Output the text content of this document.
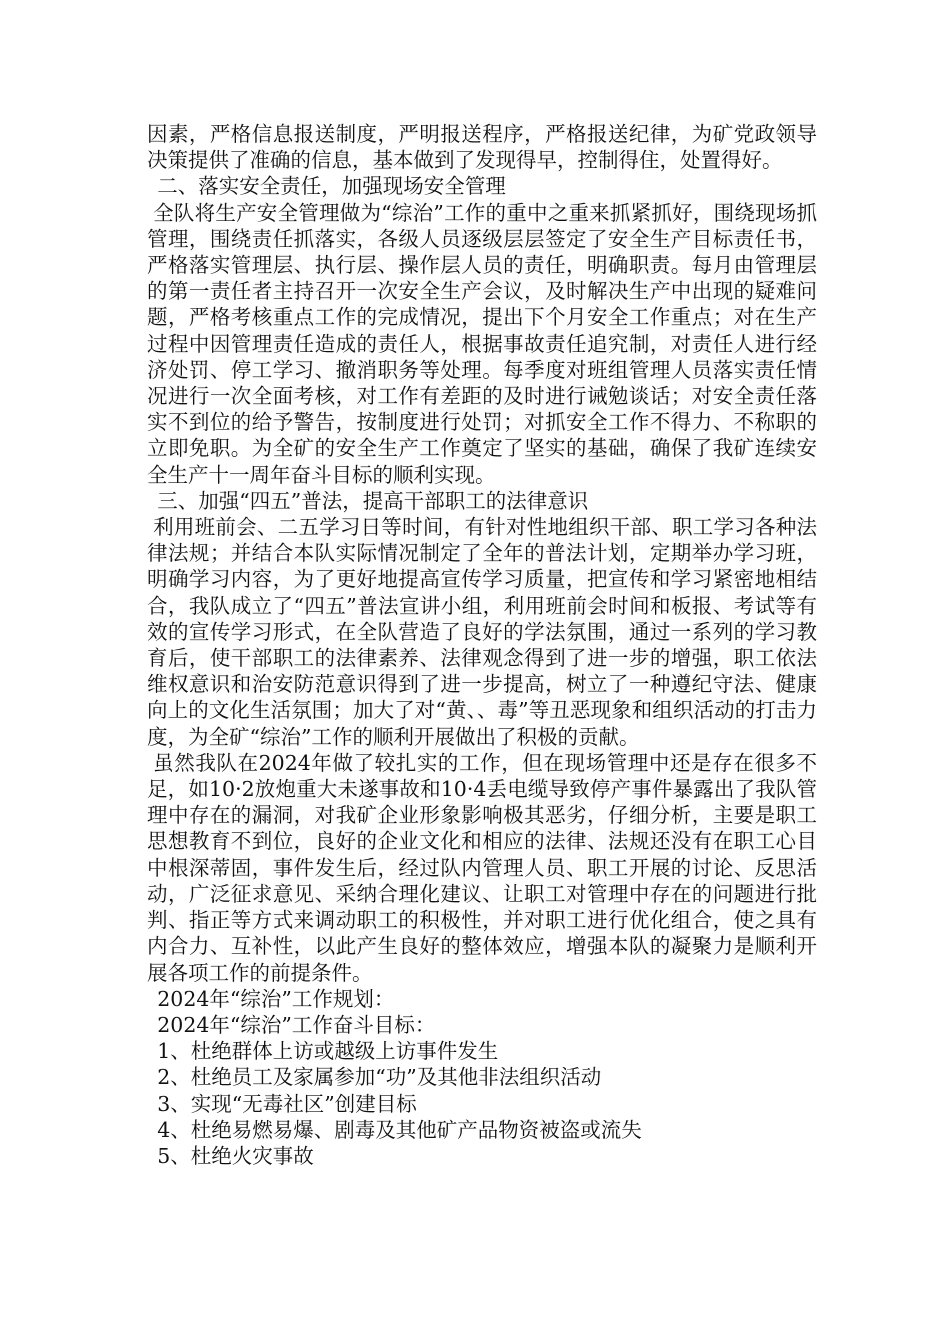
因素，严格信息报送制度，严明报送程序，严格报送纪律，为矿党政领导决策提供了准确的信息，基本做到了发现得早，控制得住，处置得好。

二、落实安全责任，加强现场安全管理

全队将生产安全管理做为“综治”工作的重中之重来抓紧抓好，围绕现场抓管理，围绕责任抓落实，各级人员逐级层层签定了安全生产目标责任书，严格落实管理层、执行层、操作层人员的责任，明确职责。每月由管理层的第一责任者主持召开一次安全生产会议，及时解决生产中出现的疑难问题，严格考核重点工作的完成情况，提出下个月安全工作重点；对在生产过程中因管理责任造成的责任人，根据事故责任追究制，对责任人进行经济处罚、停工学习、撤消职务等处理。每季度对班组管理人员落实责任情况进行一次全面考核，对工作有差距的及时进行诫勉谈话；对安全责任落实不到位的给予警告，按制度进行处罚；对抓安全工作不得力、不称职的立即免职。为全矿的安全生产工作奠定了坚实的基础，确保了我矿连续安全生产十一周年奋斗目标的顺利实现。

三、加强“四五”普法，提高干部职工的法律意识

利用班前会、二五学习日等时间，有针对性地组织干部、职工学习各种法律法规；并结合本队实际情况制定了全年的普法计划，定期举办学习班，明确学习内容，为了更好地提高宣传学习质量，把宣传和学习紧密地相结合，我队成立了“四五”普法宣讲小组，利用班前会时间和板报、考试等有效的宣传学习形式，在全队营造了良好的学法氛围，通过一系列的学习教育后，使干部职工的法律素养、法律观念得到了进一步的增强，职工依法维权意识和治安防范意识得到了进一步提高，树立了一种遵纪守法、健康向上的文化生活氛围；加大了对“黄、、毒”等丑恶现象和组织活动的打击力度，为全矿“综治”工作的顺利开展做出了积极的贡献。

虽然我队在2024年做了较扎实的工作，但在现场管理中还是存在很多不足，如10·2放炮重大未遂事故和10·4丢电缆导致停产事件暴露出了我队管理中存在的漏洞，对我矿企业形象影响极其恶劣，仔细分析，主要是职工思想教育不到位，良好的企业文化和相应的法律、法规还没有在职工心目中根深蒂固，事件发生后，经过队内管理人员、职工开展的讨论、反思活动，广泛征求意见、采纳合理化建议、让职工对管理中存在的问题进行批判、指正等方式来调动职工的积极性，并对职工进行优化组合，使之具有内合力、互补性，以此产生良好的整体效应，增强本队的凝聚力是顺利开展各项工作的前提条件。

2024年“综治”工作规划：

2024年“综治”工作奋斗目标：

1、杜绝群体上访或越级上访事件发生

2、杜绝员工及家属参加“功”及其他非法组织活动

3、实现“无毒社区”创建目标

4、杜绝易燃易爆、剧毒及其他矿产品物资被盗或流失

5、杜绝火灾事故
